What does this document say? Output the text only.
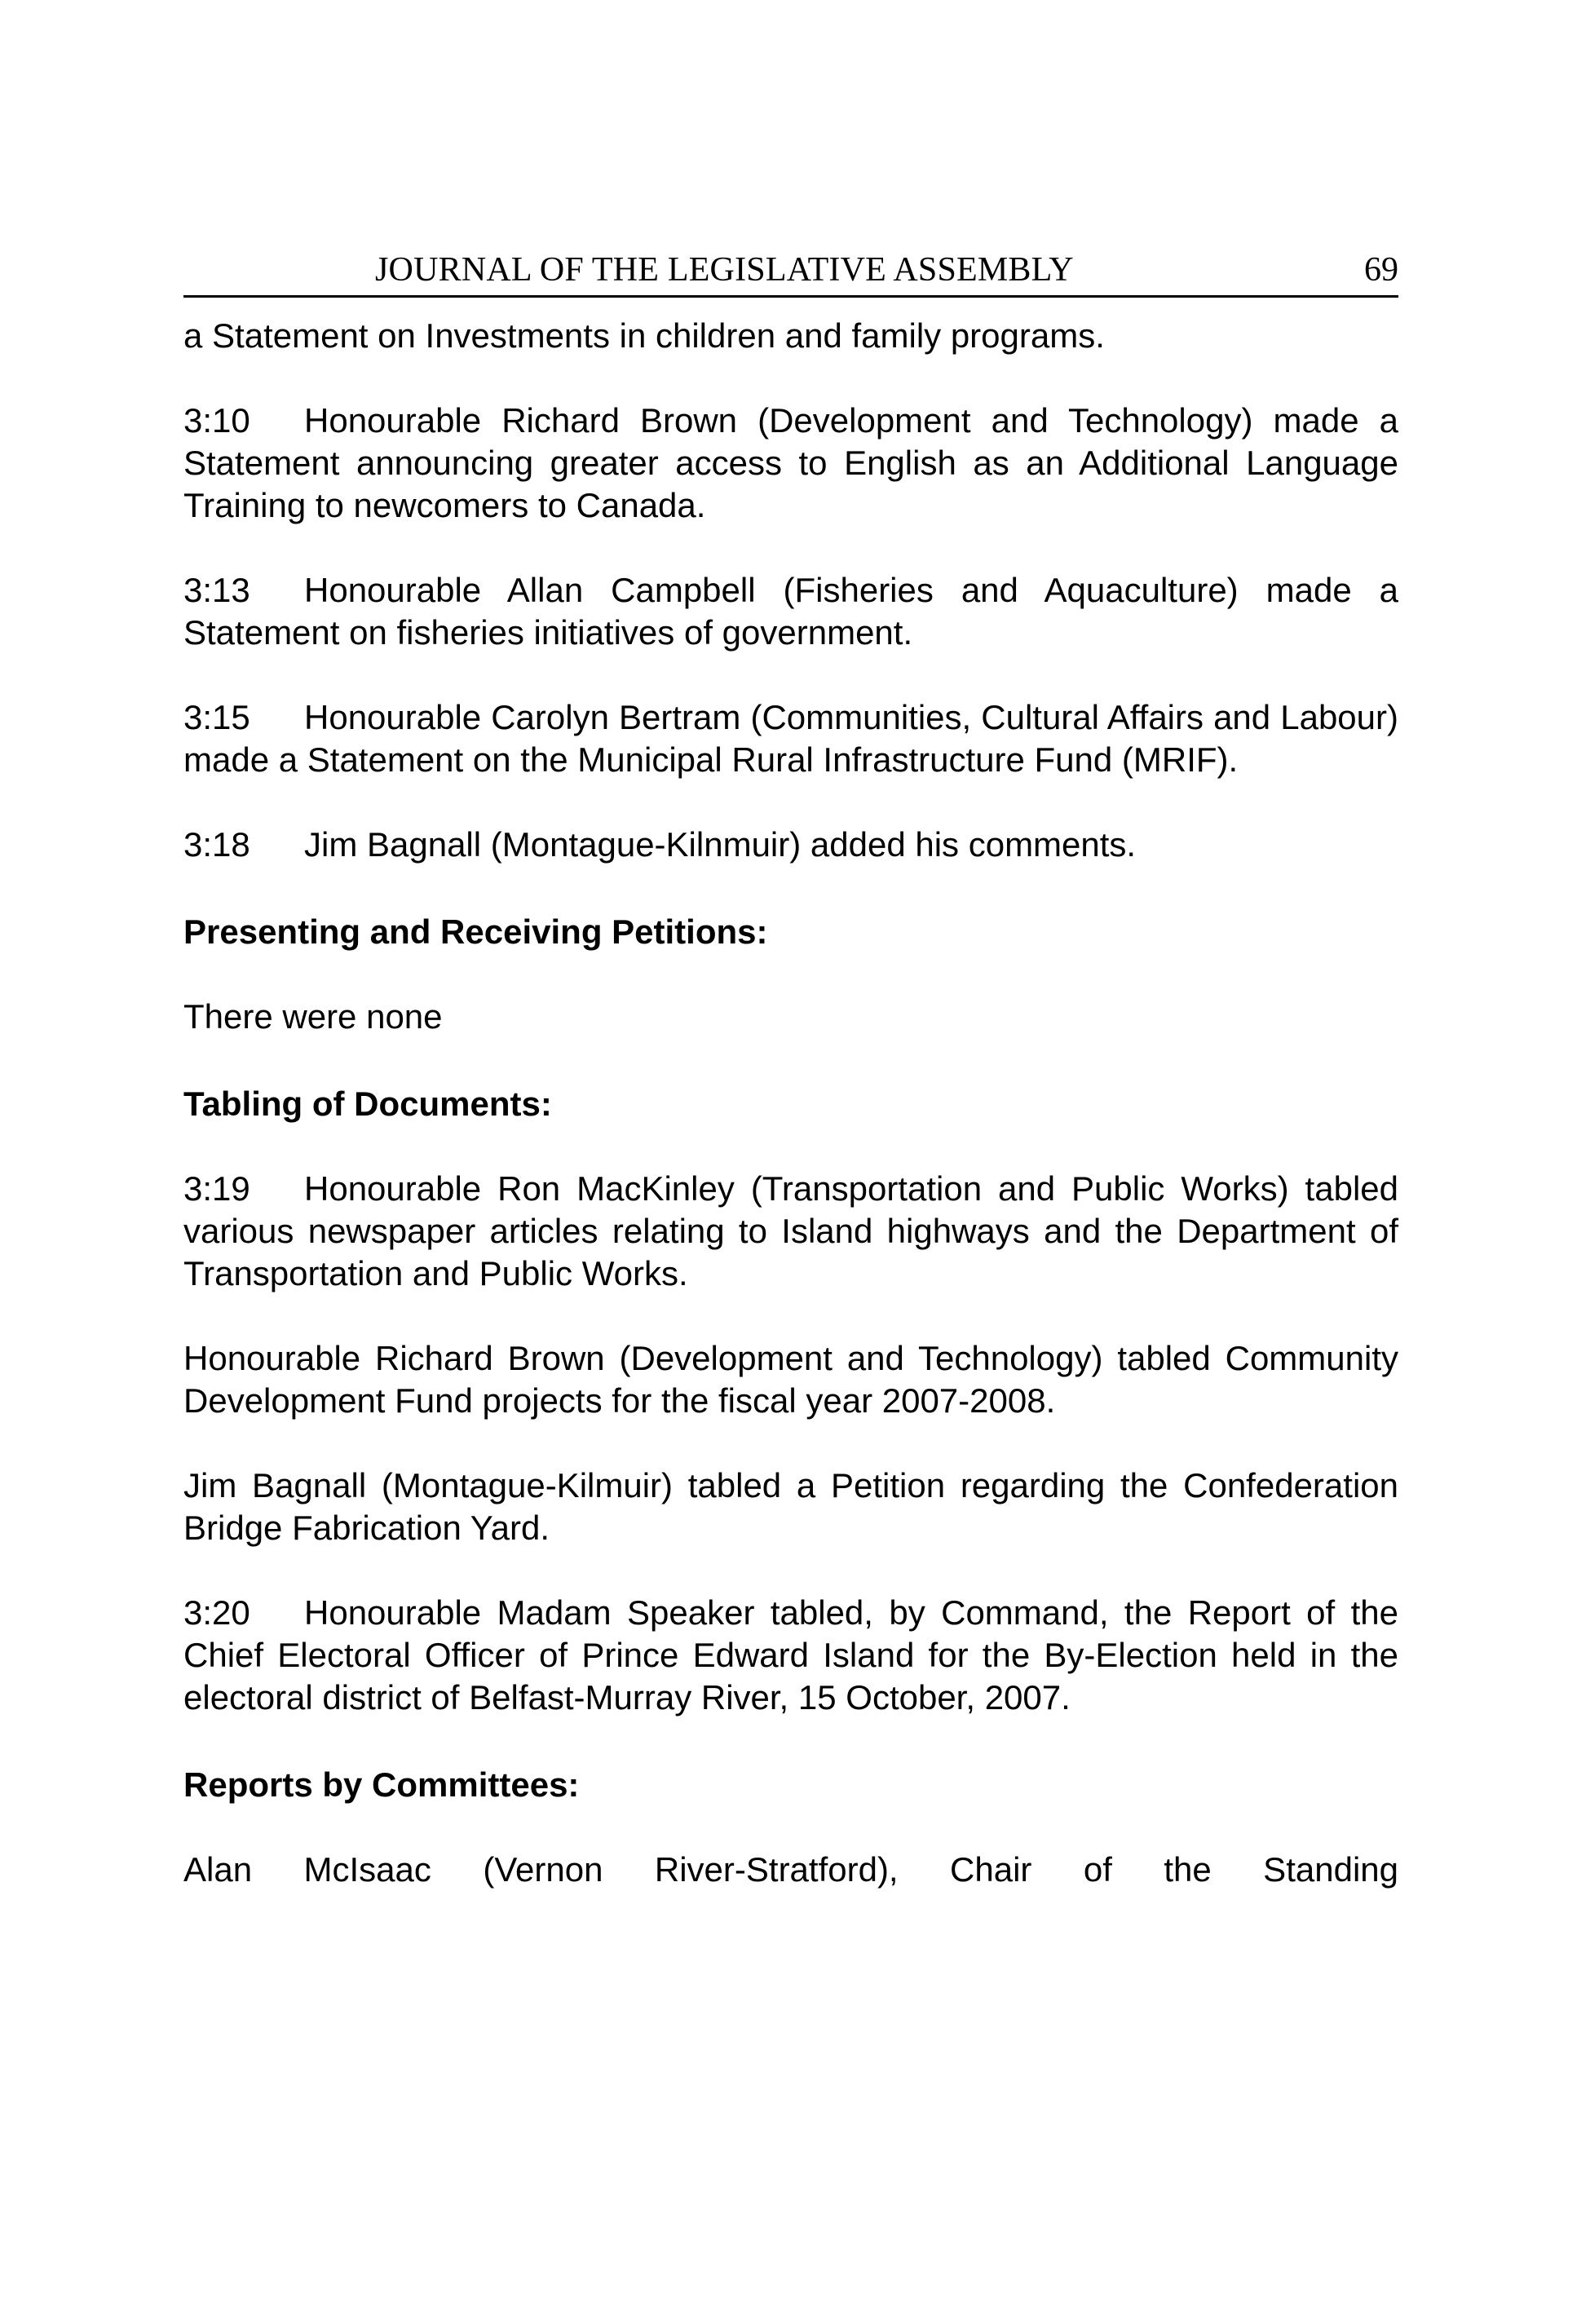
JOURNAL OF THE LEGISLATIVE ASSEMBLY	69

a Statement on Investments in children and family programs.

3:10 Honourable Richard Brown (Development and Technology) made a Statement announcing greater access to English as an Additional Language Training to newcomers to Canada.

3:13 Honourable Allan Campbell (Fisheries and Aquaculture) made a Statement on fisheries initiatives of government.

3:15 Honourable Carolyn Bertram (Communities, Cultural Affairs and Labour) made a Statement on the Municipal Rural Infrastructure Fund (MRIF).

3:18 Jim Bagnall (Montague-Kilnmuir) added his comments.

Presenting and Receiving Petitions:

There were none

Tabling of Documents:

3:19 Honourable Ron MacKinley (Transportation and Public Works) tabled various newspaper articles relating to Island highways and the Department of Transportation and Public Works.

Honourable Richard Brown (Development and Technology) tabled Community Development Fund projects for the fiscal year 2007-2008.

Jim Bagnall (Montague-Kilmuir) tabled a Petition regarding the Confederation Bridge Fabrication Yard.

3:20 Honourable Madam Speaker tabled, by Command, the Report of the Chief Electoral Officer of Prince Edward Island for the By-Election held in the electoral district of Belfast-Murray River, 15 October, 2007.

Reports by Committees:

Alan McIsaac (Vernon River-Stratford), Chair of the Standing
